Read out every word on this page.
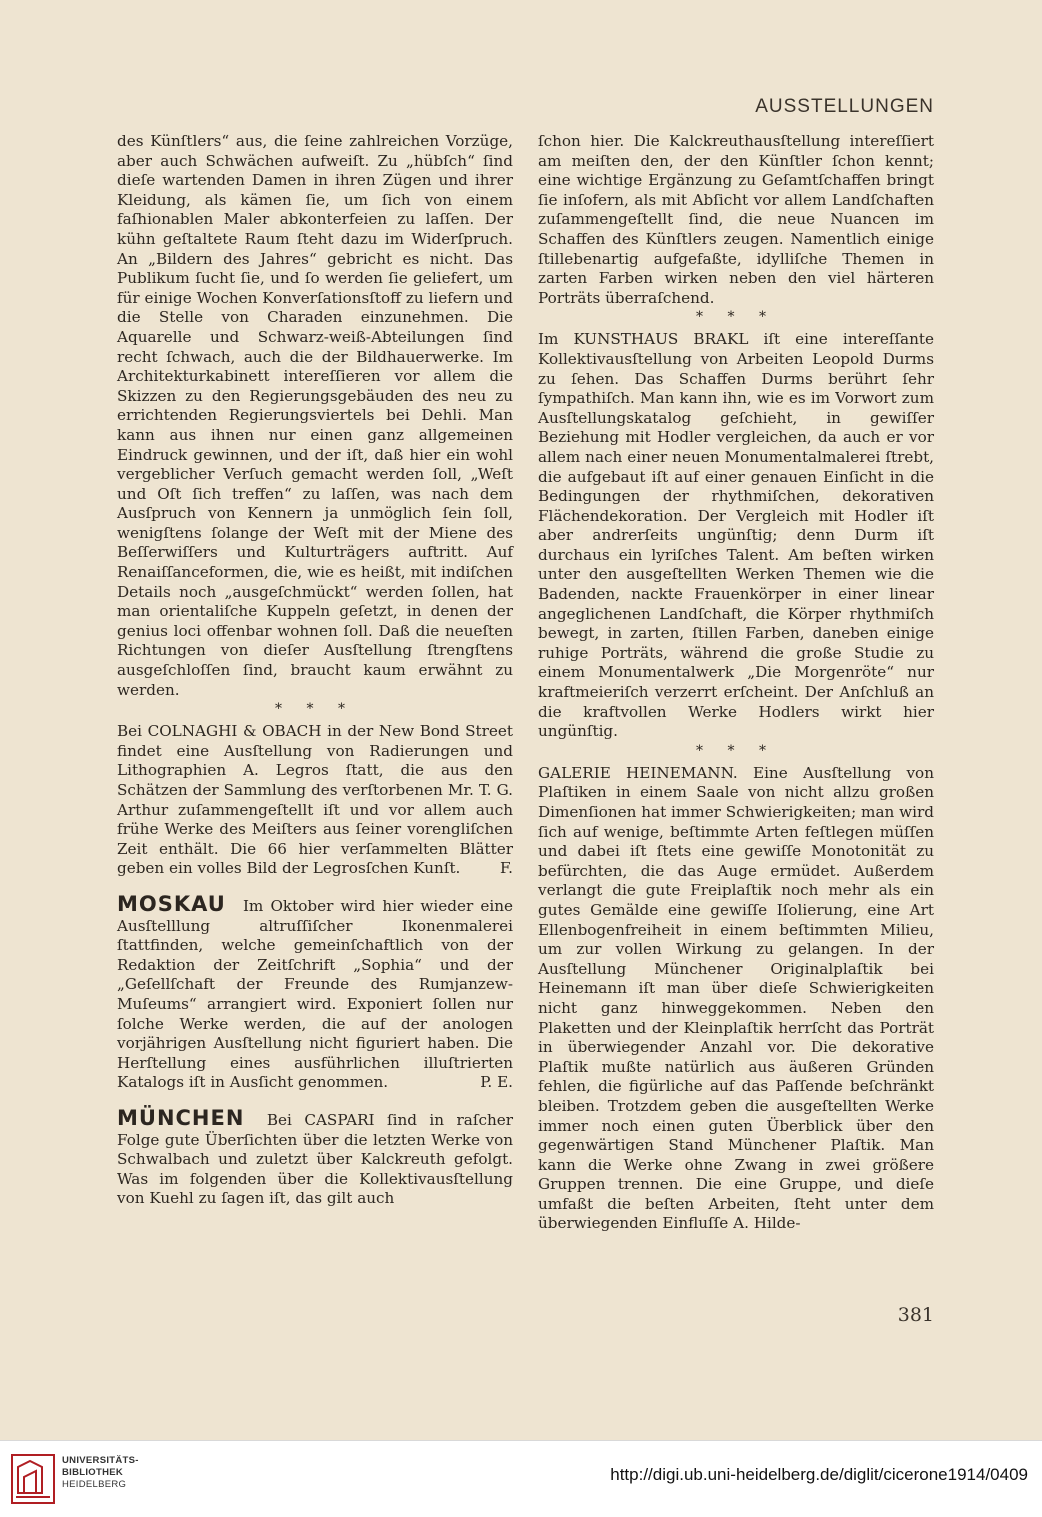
AUSSTELLUNGEN

des Künſtlers“ aus, die ſeine zahlreichen Vorzüge, aber auch Schwächen aufweiſt. Zu „hübſch“ ſind dieſe wartenden Damen in ihren Zügen und ihrer Kleidung, als kämen ſie, um ſich von einem faſhionablen Maler abkonterfeien zu laſſen. Der kühn geſtaltete Raum ſteht dazu im Widerſpruch. An „Bildern des Jahres“ gebricht es nicht. Das Publikum ſucht ſie, und ſo werden ſie geliefert, um für einige Wochen Konverſationsſtoff zu liefern und die Stelle von Charaden einzunehmen. Die Aquarelle und Schwarz-weiß-Abteilungen ſind recht ſchwach, auch die der Bildhauerwerke. Im Architekturkabinett intereſſieren vor allem die Skizzen zu den Regierungsgebäuden des neu zu errichtenden Regierungsviertels bei Dehli. Man kann aus ihnen nur einen ganz allgemeinen Eindruck gewinnen, und der iſt, daß hier ein wohl vergeblicher Verſuch gemacht werden ſoll, „Weſt und Oſt ſich treffen“ zu laſſen, was nach dem Ausſpruch von Kennern ja unmöglich ſein ſoll, wenigſtens ſolange der Weſt mit der Miene des Beſſerwiſſers und Kulturträgers auftritt. Auf Renaiſſanceformen, die, wie es heißt, mit indiſchen Details noch „ausgeſchmückt“ werden ſollen, hat man orientaliſche Kuppeln geſetzt, in denen der genius loci offenbar wohnen ſoll. Daß die neueſten Richtungen von dieſer Ausſtellung ſtrengſtens ausgeſchloſſen ſind, braucht kaum erwähnt zu werden.

* * *

Bei COLNAGHI & OBACH in der New Bond Street findet eine Ausſtellung von Radierungen und Lithographien A. Legros ſtatt, die aus den Schätzen der Sammlung des verſtorbenen Mr. T. G. Arthur zuſammengeſtellt iſt und vor allem auch frühe Werke des Meiſters aus ſeiner vorengliſchen Zeit enthält. Die 66 hier verſammelten Blätter geben ein volles Bild der Legrosſchen Kunſt.	F.

MOSKAU Im Oktober wird hier wieder eine Ausſtelllung altruſſiſcher Ikonenmalerei ſtattfinden, welche gemeinſchaftlich von der Redaktion der Zeitſchrift „Sophia“ und der „Geſellſchaft der Freunde des Rumjanzew-Muſeums“ arrangiert wird. Exponiert ſollen nur ſolche Werke werden, die auf der anologen vorjährigen Ausſtellung nicht figuriert haben. Die Herſtellung eines ausführlichen illuſtrierten Katalogs iſt in Ausſicht genommen.	P. E.

MÜNCHEN Bei CASPARI ſind in raſcher Folge gute Überſichten über die letzten Werke von Schwalbach und zuletzt über Kalckreuth gefolgt. Was im folgenden über die Kollektivausſtellung von Kuehl zu ſagen iſt, das gilt auch

ſchon hier. Die Kalckreuthausſtellung intereſſiert am meiſten den, der den Künſtler ſchon kennt; eine wichtige Ergänzung zu Geſamtſchaffen bringt ſie inſofern, als mit Abſicht vor allem Landſchaften zuſammengeſtellt ſind, die neue Nuancen im Schaffen des Künſtlers zeugen. Namentlich einige ſtillebenartig aufgefaßte, idylliſche Themen in zarten Farben wirken neben den viel härteren Porträts überraſchend.

* * *

Im KUNSTHAUS BRAKL iſt eine intereſſante Kollektivausſtellung von Arbeiten Leopold Durms zu ſehen. Das Schaffen Durms berührt ſehr ſympathiſch. Man kann ihn, wie es im Vorwort zum Ausſtellungskatalog geſchieht, in gewiſſer Beziehung mit Hodler vergleichen, da auch er vor allem nach einer neuen Monumentalmalerei ſtrebt, die aufgebaut iſt auf einer genauen Einſicht in die Bedingungen der rhythmiſchen, dekorativen Flächendekoration. Der Vergleich mit Hodler iſt aber andrerſeits ungünſtig; denn Durm iſt durchaus ein lyriſches Talent. Am beſten wirken unter den ausgeſtellten Werken Themen wie die Badenden, nackte Frauenkörper in einer linear angeglichenen Landſchaft, die Körper rhythmiſch bewegt, in zarten, ſtillen Farben, daneben einige ruhige Porträts, während die große Studie zu einem Monumentalwerk „Die Morgenröte“ nur kraftmeieriſch verzerrt erſcheint. Der Anſchluß an die kraftvollen Werke Hodlers wirkt hier ungünſtig.

* * *

GALERIE HEINEMANN. Eine Ausſtellung von Plaſtiken in einem Saale von nicht allzu großen Dimenſionen hat immer Schwierigkeiten; man wird ſich auf wenige, beſtimmte Arten feſtlegen müſſen und dabei iſt ſtets eine gewiſſe Monotonität zu befürchten, die das Auge ermüdet. Außerdem verlangt die gute Freiplaſtik noch mehr als ein gutes Gemälde eine gewiſſe Iſolierung, eine Art Ellenbogenfreiheit in einem beſtimmten Milieu, um zur vollen Wirkung zu gelangen. In der Ausſtellung Münchener Originalplaſtik bei Heinemann iſt man über dieſe Schwierigkeiten nicht ganz hinweggekommen. Neben den Plaketten und der Kleinplaſtik herrſcht das Porträt in überwiegender Anzahl vor. Die dekorative Plaſtik mußte natürlich aus äußeren Gründen fehlen, die figürliche auf das Paſſende beſchränkt bleiben. Trotzdem geben die ausgeſtellten Werke immer noch einen guten Überblick über den gegenwärtigen Stand Münchener Plaſtik. Man kann die Werke ohne Zwang in zwei größere Gruppen trennen. Die eine Gruppe, und dieſe umfaßt die beſten Arbeiten, ſteht unter dem überwiegenden Einfluſſe A. Hilde-

381
UNIVERSITÄTS-
BIBLIOTHEK
HEIDELBERG
http://digi.ub.uni-heidelberg.de/diglit/cicerone1914/0409
